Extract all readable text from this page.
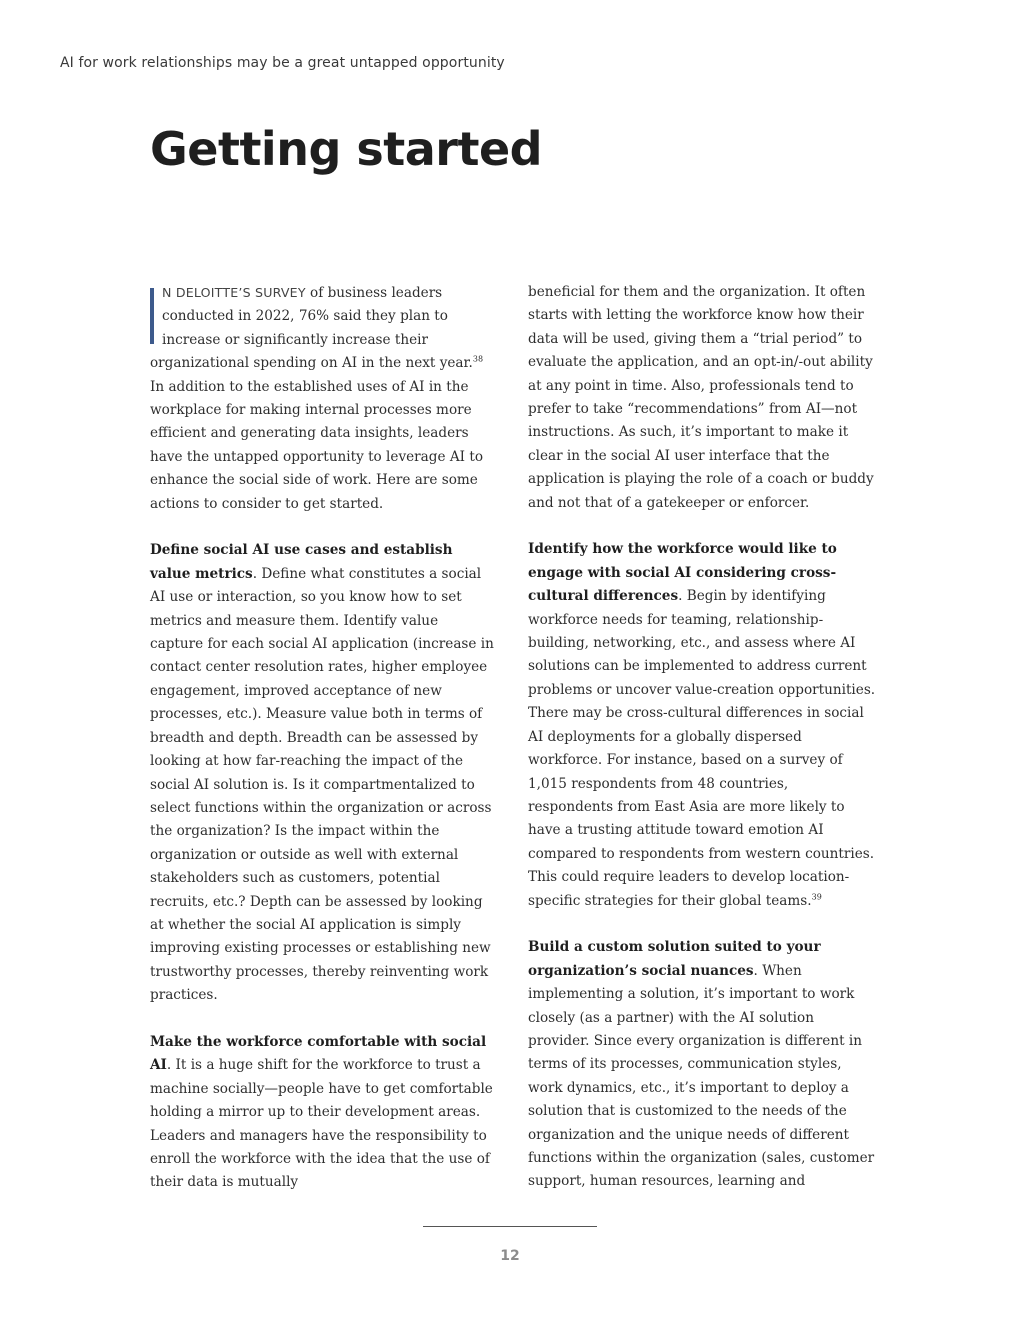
AI for work relationships may be a great untapped opportunity
Getting started

N DELOITTE’S SURVEY of business leaders
conducted in 2022, 76% said they plan to
increase or significantly increase their
organizational spending on AI in the next year.$^{38}$ In addition to the established uses of AI in the workplace for making internal processes more efficient and generating data insights, leaders have the untapped opportunity to leverage AI to enhance the social side of work. Here are some actions to consider to get started.

Define social AI use cases and establish value metrics. Define what constitutes a social AI use or interaction, so you know how to set metrics and measure them. Identify value capture for each social AI application (increase in contact center resolution rates, higher employee engagement, improved acceptance of new processes, etc.). Measure value both in terms of breadth and depth. Breadth can be assessed by looking at how far-reaching the impact of the social AI solution is. Is it compartmentalized to select functions within the organization or across the organization? Is the impact within the organization or outside as well with external stakeholders such as customers, potential recruits, etc.? Depth can be assessed by looking at whether the social AI application is simply improving existing processes or establishing new trustworthy processes, thereby reinventing work practices.

Make the workforce comfortable with social AI. It is a huge shift for the workforce to trust a machine socially—people have to get comfortable holding a mirror up to their development areas. Leaders and managers have the responsibility to enroll the workforce with the idea that the use of their data is mutually

beneficial for them and the organization. It often starts with letting the workforce know how their data will be used, giving them a “trial period” to evaluate the application, and an opt-in/-out ability at any point in time. Also, professionals tend to prefer to take “recommendations” from AI—not instructions. As such, it’s important to make it clear in the social AI user interface that the application is playing the role of a coach or buddy and not that of a gatekeeper or enforcer.

Identify how the workforce would like to engage with social AI considering cross-cultural differences. Begin by identifying workforce needs for teaming, relationship-building, networking, etc., and assess where AI solutions can be implemented to address current problems or uncover value-creation opportunities. There may be cross-cultural differences in social AI deployments for a globally dispersed workforce. For instance, based on a survey of 1,015 respondents from 48 countries, respondents from East Asia are more likely to have a trusting attitude toward emotion AI compared to respondents from western countries. This could require leaders to develop location-specific strategies for their global teams.$^{39}$

Build a custom solution suited to your organization’s social nuances. When implementing a solution, it’s important to work closely (as a partner) with the AI solution provider. Since every organization is different in terms of its processes, communication styles, work dynamics, etc., it’s important to deploy a solution that is customized to the needs of the organization and the unique needs of different functions within the organization (sales, customer support, human resources, learning and

12
